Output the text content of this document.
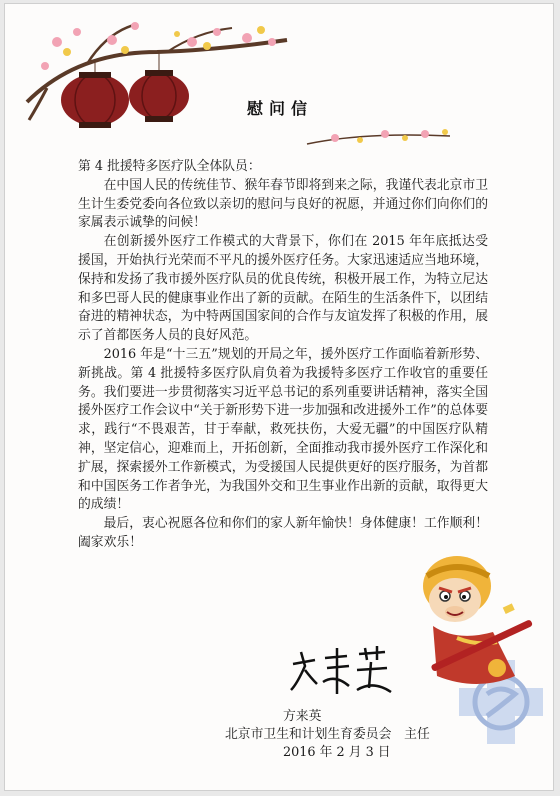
慰问信

第 4 批援特多医疗队全体队员：

在中国人民的传统佳节、猴年春节即将到来之际，我谨代表北京市卫生计生委党委向各位致以亲切的慰问与良好的祝愿，并通过你们向你们的家属表示诚挚的问候！

在创新援外医疗工作模式的大背景下，你们在 2015 年年底抵达受援国，开始执行光荣而不平凡的援外医疗任务。大家迅速适应当地环境，保持和发扬了我市援外医疗队员的优良传统，积极开展工作，为特立尼达和多巴哥人民的健康事业作出了新的贡献。在陌生的生活条件下，以团结奋进的精神状态，为中特两国国家间的合作与友谊发挥了积极的作用，展示了首都医务人员的良好风范。

2016 年是“十三五”规划的开局之年，援外医疗工作面临着新形势、新挑战。第 4 批援特多医疗队肩负着为我援特多医疗工作收官的重要任务。我们要进一步贯彻落实习近平总书记的系列重要讲话精神，落实全国援外医疗工作会议中“关于新形势下进一步加强和改进援外工作”的总体要求，践行“不畏艰苦，甘于奉献，救死扶伤，大爱无疆”的中国医疗队精神，坚定信心，迎难而上，开拓创新，全面推动我市援外医疗工作深化和扩展，探索援外工作新模式，为受援国人民提供更好的医疗服务，为首都和中国医务工作者争光，为我国外交和卫生事业作出新的贡献，取得更大的成绩！

最后，衷心祝愿各位和你们的家人新年愉快！身体健康！工作顺利！阖家欢乐！

方来英
北京市卫生和计划生育委员会　主任
2016 年 2 月 3 日
